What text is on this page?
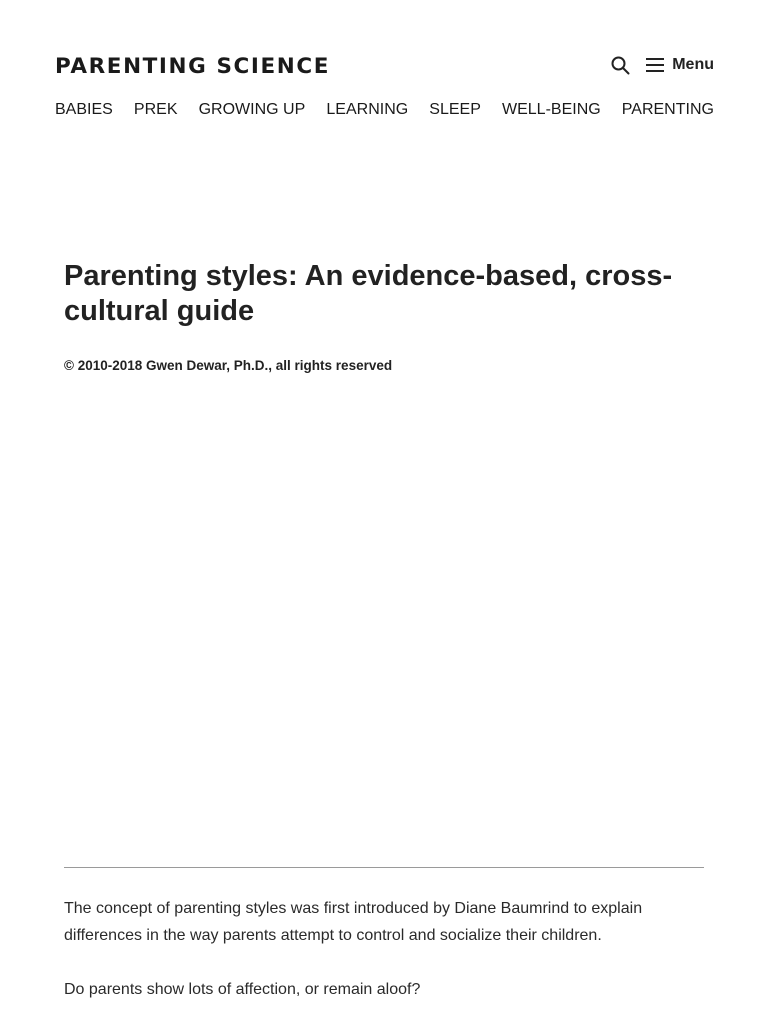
PARENTING SCIENCE	Menu
BABIES PREK GROWING UP LEARNING SLEEP WELL-BEING PARENTING
Parenting styles: An evidence-based, cross-cultural guide
© 2010-2018 Gwen Dewar, Ph.D., all rights reserved

The concept of parenting styles was first introduced by Diane Baumrind to explain differences in the way parents attempt to control and socialize their children.

Do parents show lots of affection, or remain aloof?
